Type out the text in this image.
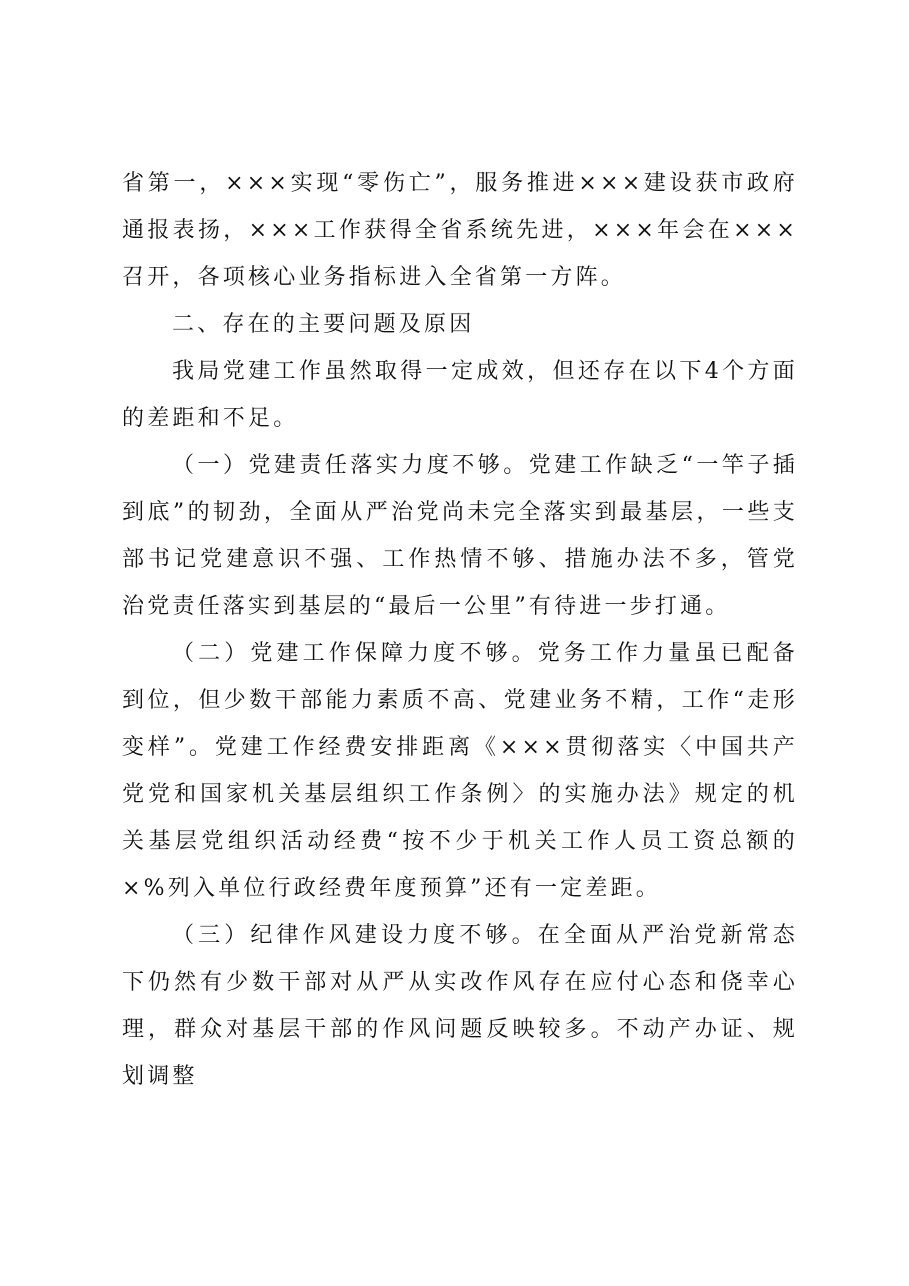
省第一，×××实现“零伤亡”，服务推进×××建设获市政府通报表扬，×××工作获得全省系统先进，×××年会在×××召开，各项核心业务指标进入全省第一方阵。

二、存在的主要问题及原因

我局党建工作虽然取得一定成效，但还存在以下4个方面的差距和不足。

（一）党建责任落实力度不够。党建工作缺乏“一竿子插到底”的韧劲，全面从严治党尚未完全落实到最基层，一些支部书记党建意识不强、工作热情不够、措施办法不多，管党治党责任落实到基层的“最后一公里”有待进一步打通。

（二）党建工作保障力度不够。党务工作力量虽已配备到位，但少数干部能力素质不高、党建业务不精，工作“走形变样”。党建工作经费安排距离《×××贯彻落实〈中国共产党党和国家机关基层组织工作条例〉的实施办法》规定的机关基层党组织活动经费“按不少于机关工作人员工资总额的×%列入单位行政经费年度预算”还有一定差距。

（三）纪律作风建设力度不够。在全面从严治党新常态下仍然有少数干部对从严从实改作风存在应付心态和侥幸心理，群众对基层干部的作风问题反映较多。不动产办证、规划调整
